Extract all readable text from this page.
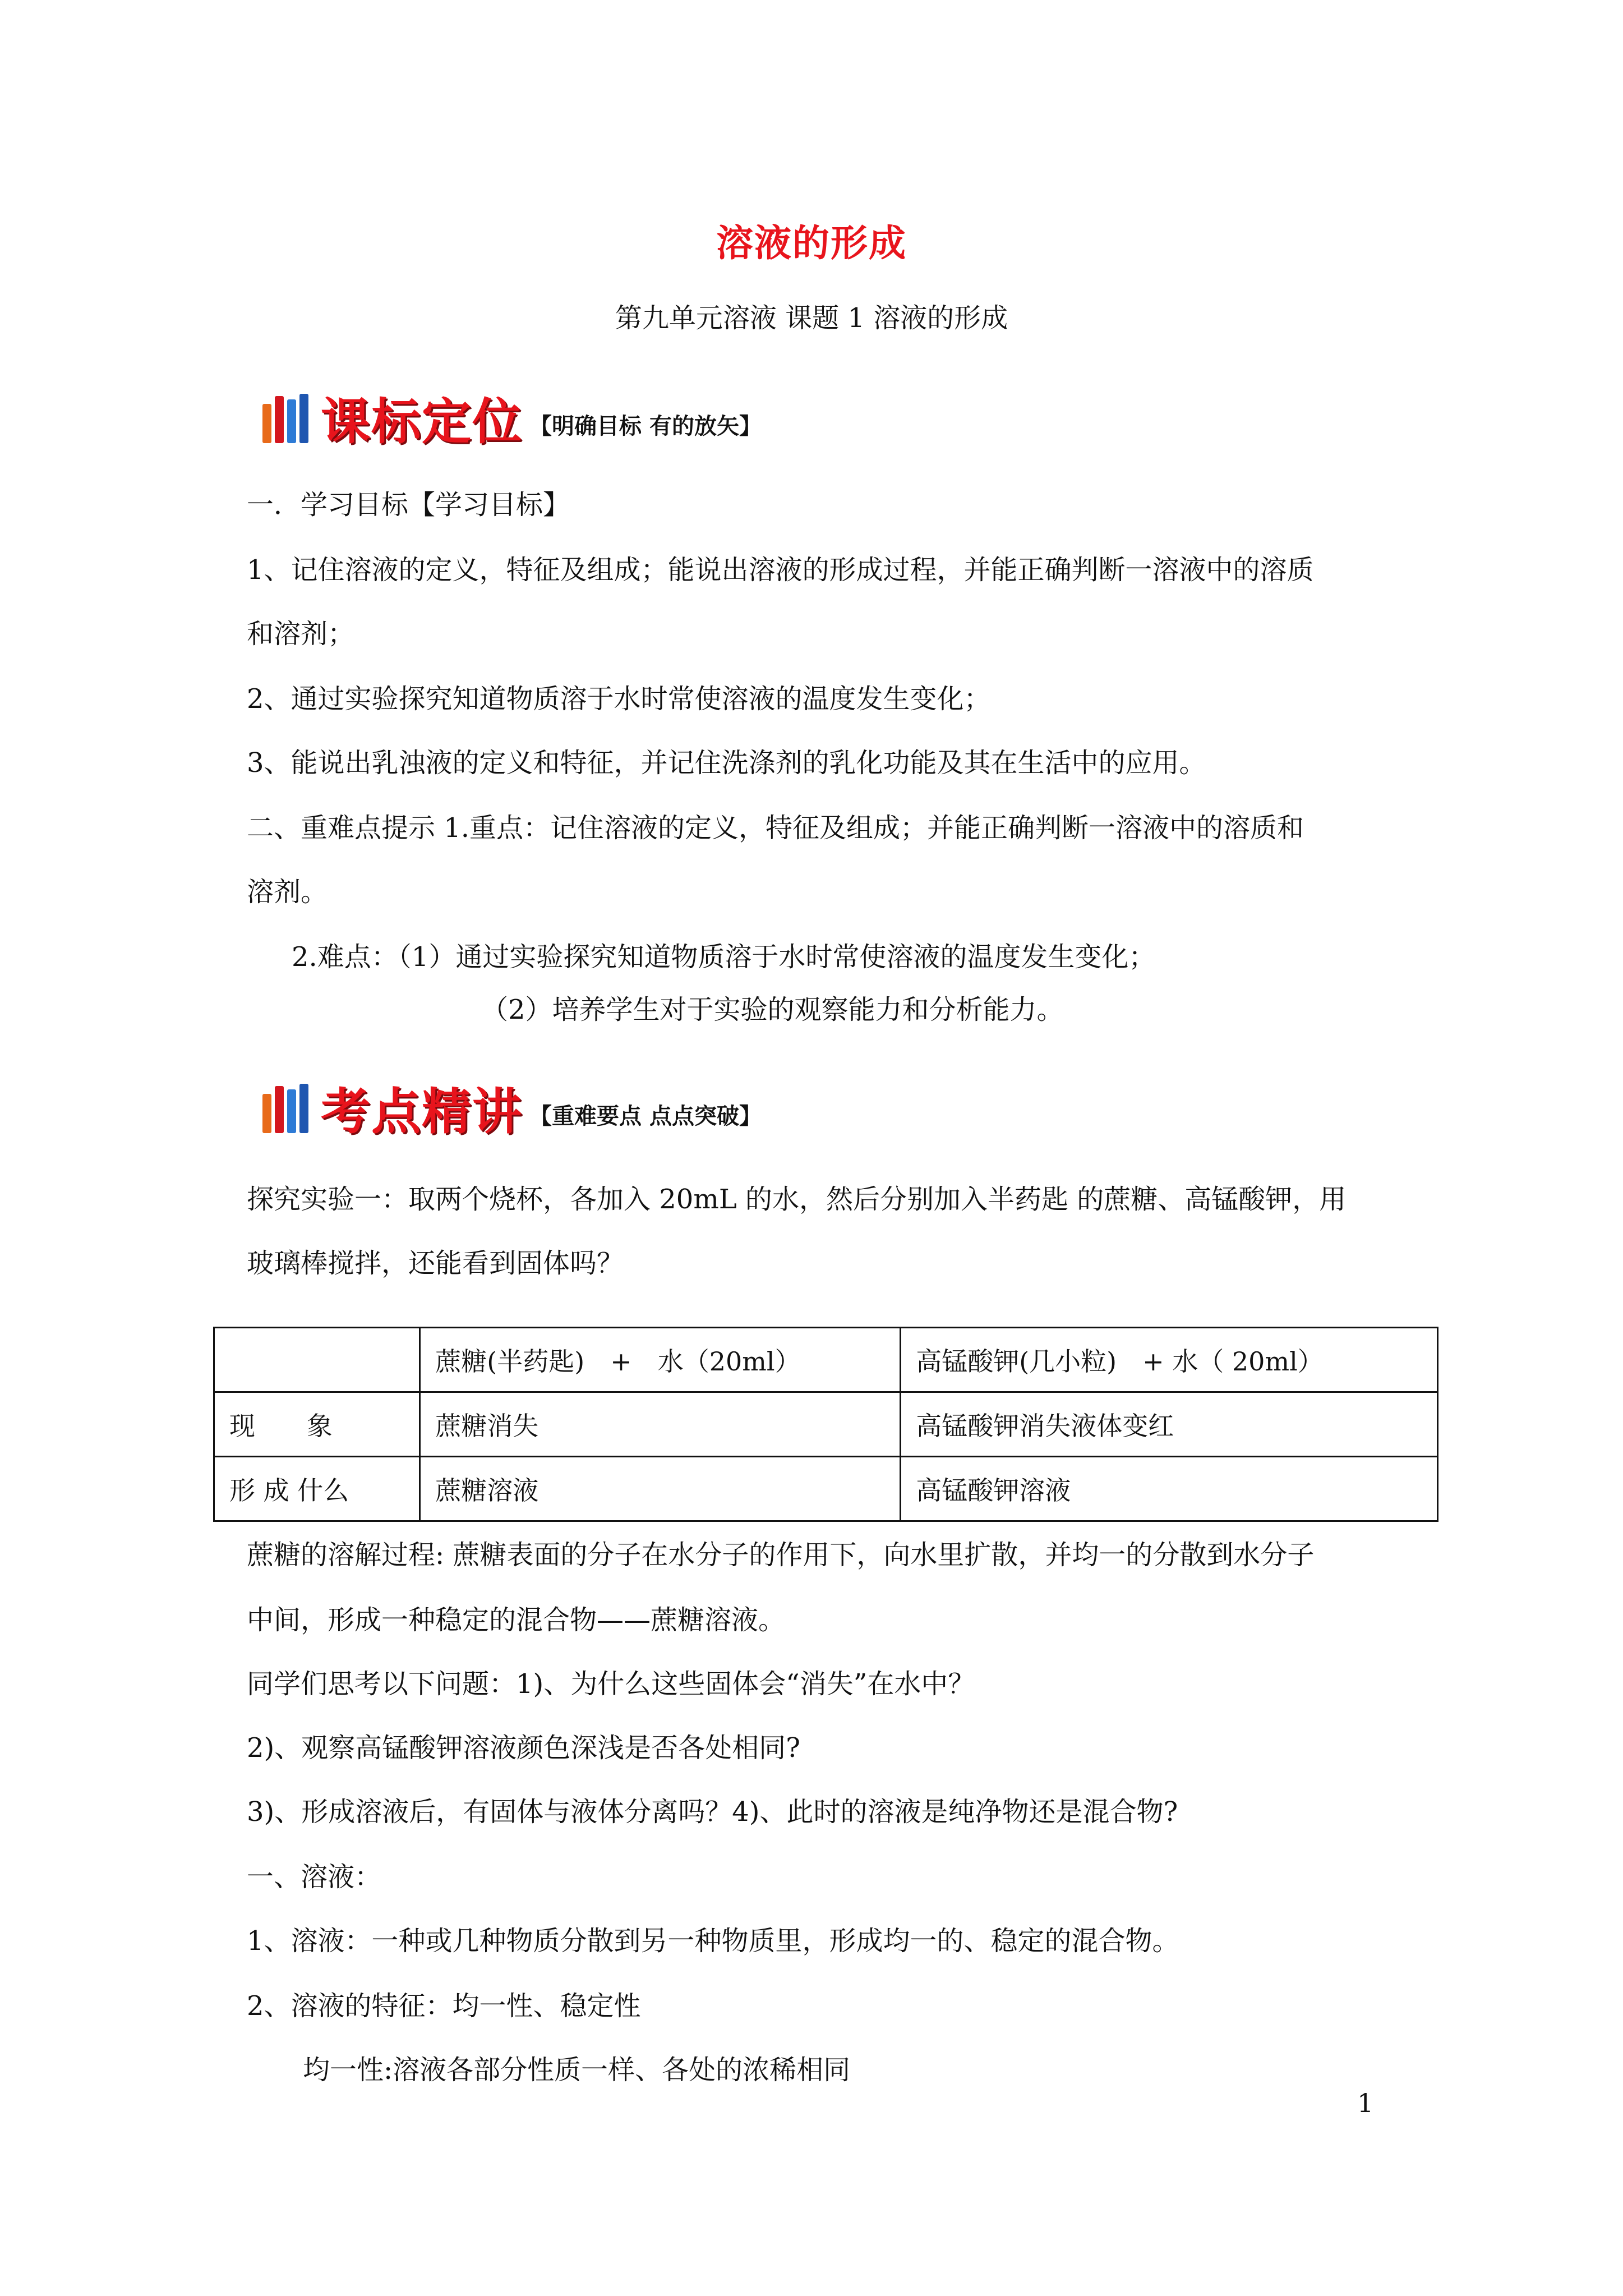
溶液的形成
第九单元溶液 课题 1 溶液的形成
课标定位 【明确目标 有的放矢】
一．学习目标【学习目标】
1、记住溶液的定义，特征及组成；能说出溶液的形成过程，并能正确判断一溶液中的溶质
和溶剂；
2、通过实验探究知道物质溶于水时常使溶液的温度发生变化；
3、能说出乳浊液的定义和特征，并记住洗涤剂的乳化功能及其在生活中的应用。
二、重难点提示 1.重点：记住溶液的定义，特征及组成；并能正确判断一溶液中的溶质和
溶剂。
2.难点：（1）通过实验探究知道物质溶于水时常使溶液的温度发生变化；
（2）培养学生对于实验的观察能力和分析能力。
考点精讲 【重难要点 点点突破】
探究实验一：取两个烧杯，各加入 20mL 的水，然后分别加入半药匙 的蔗糖、高锰酸钾，用
玻璃棒搅拌，还能看到固体吗？
	蔗糖(半药匙)　+　水（20ml）	高锰酸钾(几小粒)　+ 水（ 20ml）
现　　象	蔗糖消失	高锰酸钾消失液体变红
形 成 什么	蔗糖溶液	高锰酸钾溶液
蔗糖的溶解过程: 蔗糖表面的分子在水分子的作用下，向水里扩散，并均一的分散到水分子
中间，形成一种稳定的混合物——蔗糖溶液。
同学们思考以下问题：1)、为什么这些固体会“消失”在水中？
2)、观察高锰酸钾溶液颜色深浅是否各处相同?
3)、形成溶液后，有固体与液体分离吗？4)、此时的溶液是纯净物还是混合物?
一、溶液：
1、溶液：一种或几种物质分散到另一种物质里，形成均一的、稳定的混合物。
2、溶液的特征：均一性、稳定性
均一性:溶液各部分性质一样、各处的浓稀相同
1
